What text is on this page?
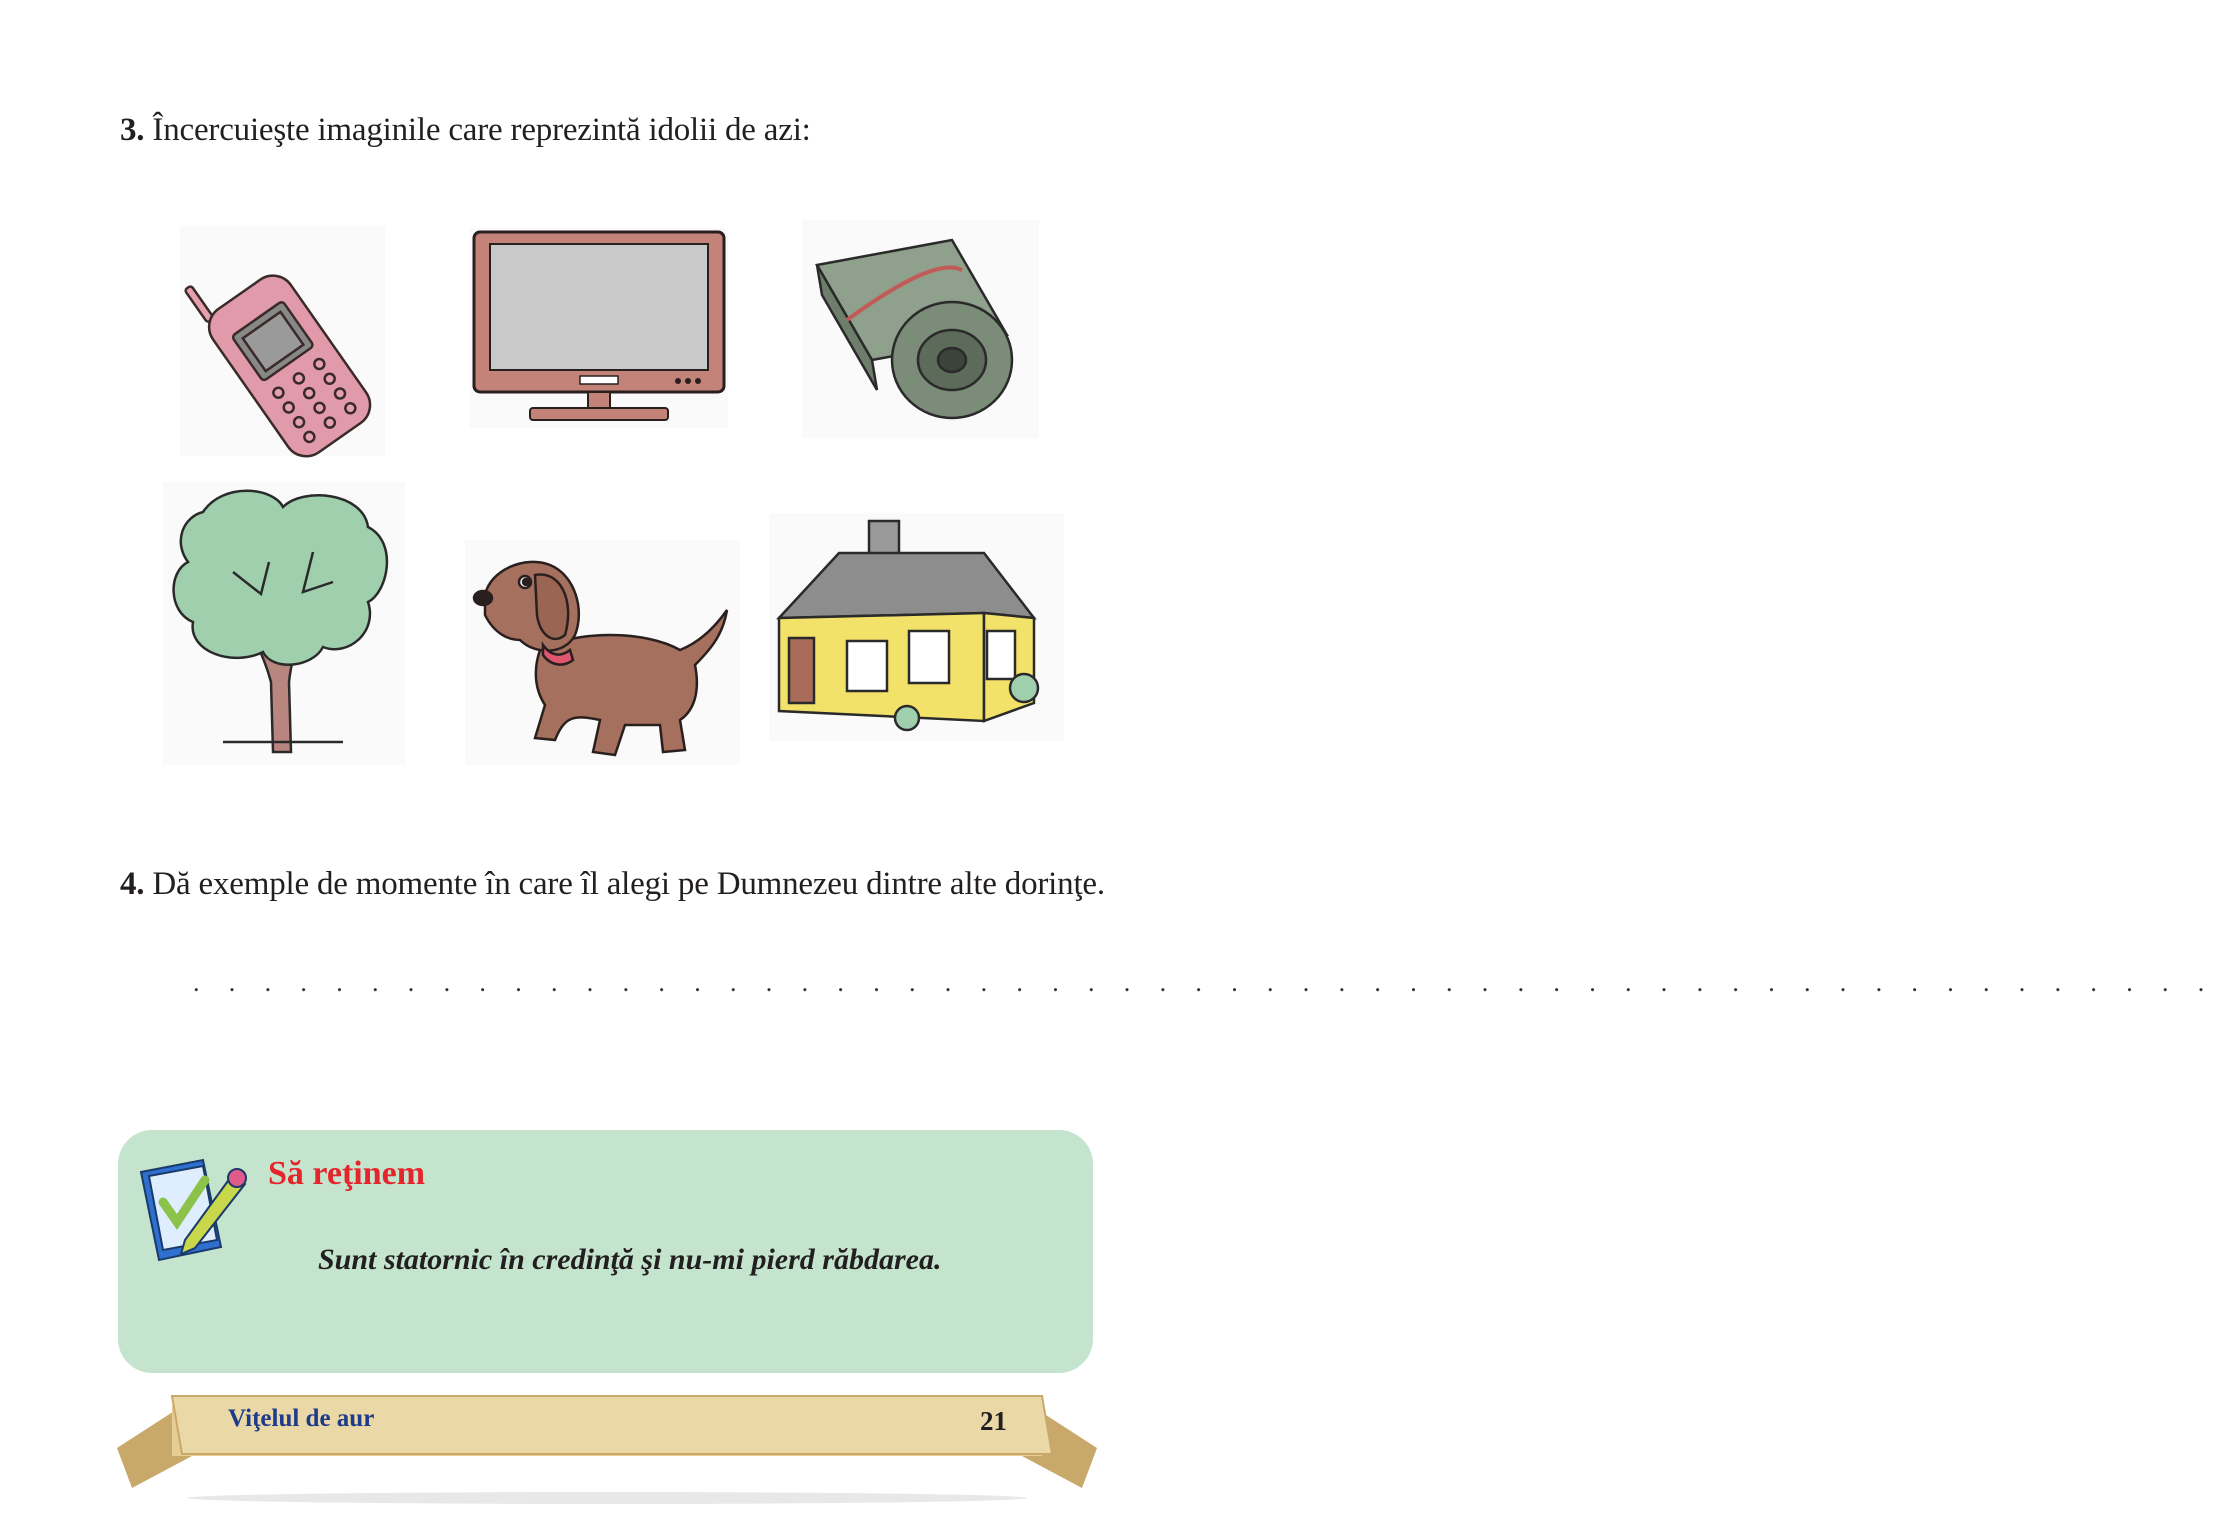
3. Încercuieşte imaginile care reprezintă idolii de azi:
4. Dă exemple de momente în care îl alegi pe Dumnezeu dintre alte dorinţe.
. . . . . . . . . . . . . . . . . . . . . . . . . . . . . . . . . . . . . . . . . . . . . . . . . . . . . . . . .
Să reţinem
Sunt statornic în credinţă şi nu-mi pierd răbdarea.
Viţelul de aur	21
